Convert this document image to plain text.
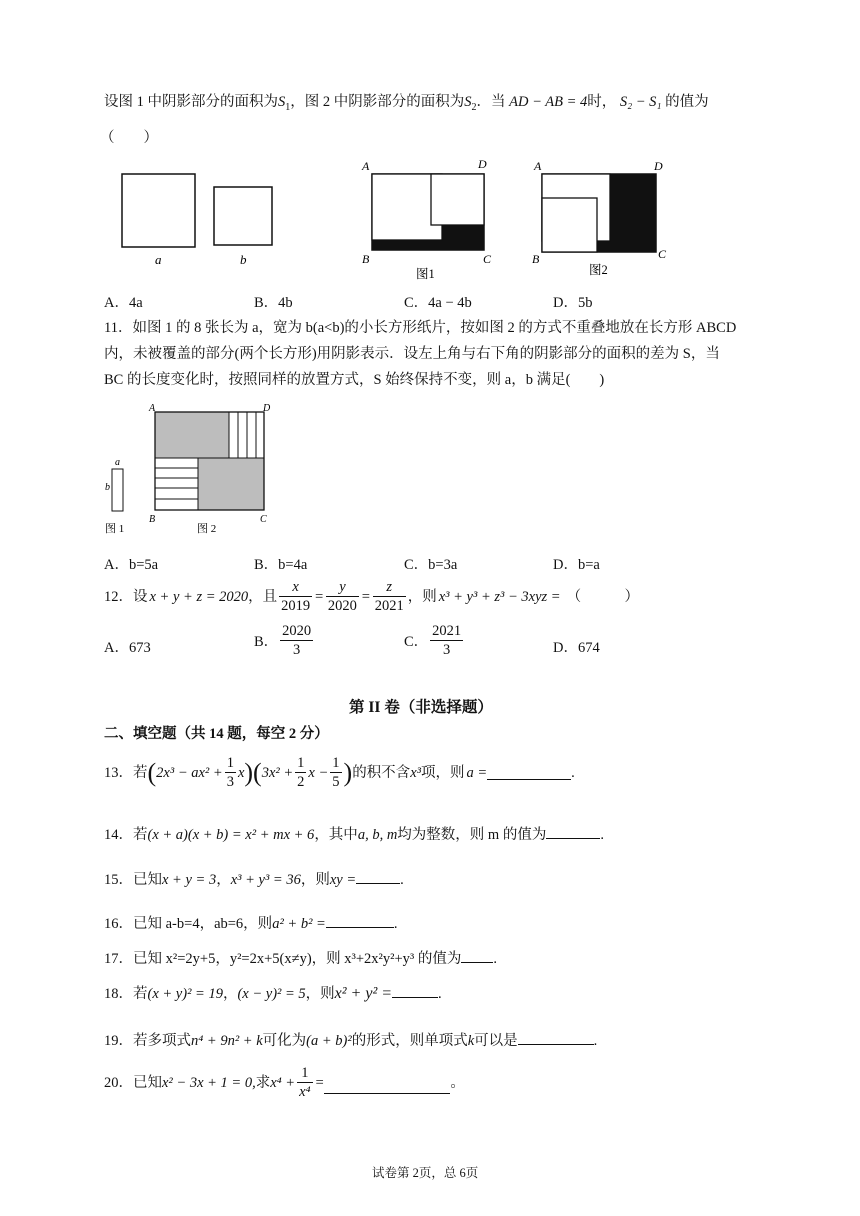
设图 1 中阴影部分的面积为$S_1$，图 2 中阴影部分的面积为$S_2$．当 AD − AB = 4时， S₂ − S₁ 的值为
（　　）
a	b
A	D
B	C
图1
A	D
B	C
图2
A．4a	B．4b	C．4a − 4b	D．5b
11．如图 1 的 8 张长为 a，宽为 b(a<b)的小长方形纸片，按如图 2 的方式不重叠地放在长方形 ABCD
内，未被覆盖的部分(两个长方形)用阴影表示．设左上角与右下角的阴影部分的面积的差为 S，当
BC 的长度变化时，按照同样的放置方式，S 始终保持不变，则 a，b 满足(　　)
a
b
图 1
A	D
B	C
图 2
A．b=5a	B．b=4a	C．b=3a	D．b=a
12．设 x + y + z = 2020 ，且 $\frac{x}{2019} = \frac{y}{2020} = \frac{z}{2021}$ ，则 x³ + y³ + z³ − 3xyz = （　　　）
A．673	B． $\frac{2020}{3}$	C． $\frac{2021}{3}$	D．674
第 II 卷（非选择题）
二、填空题（共 14 题，每空 2 分）
13．若 ( $2x^3 - ax^2 + \frac{1}{3}$ x )( $3x^2 + \frac{1}{2}$ $x - \frac{1}{5}$ ) 的积不含 x³ 项，则 a =	.
14．若(x + a)(x + b) = x² + mx + 6，其中a, b, m均为整数，则 m 的值为	.
15．已知x + y = 3，x³ + y³ = 36，则xy =	.
16．已知 a-b=4，ab=6，则a² + b² =	.
17．已知 x²=2y+5，y²=2x+5(x≠y)，则 x³+2x²y²+y³ 的值为 .
18．若(x + y)² = 19，(x − y)² = 5，则x² + y² =	.
19．若多项式n⁴ + 9n² + k可化为(a + b)²的形式，则单项式k可以是	.
20．已知 x² − 3x + 1 = 0, 求 $x^4 + \frac{1}{\text{x⁴}}$ =	。
试卷第 2页，总 6页
